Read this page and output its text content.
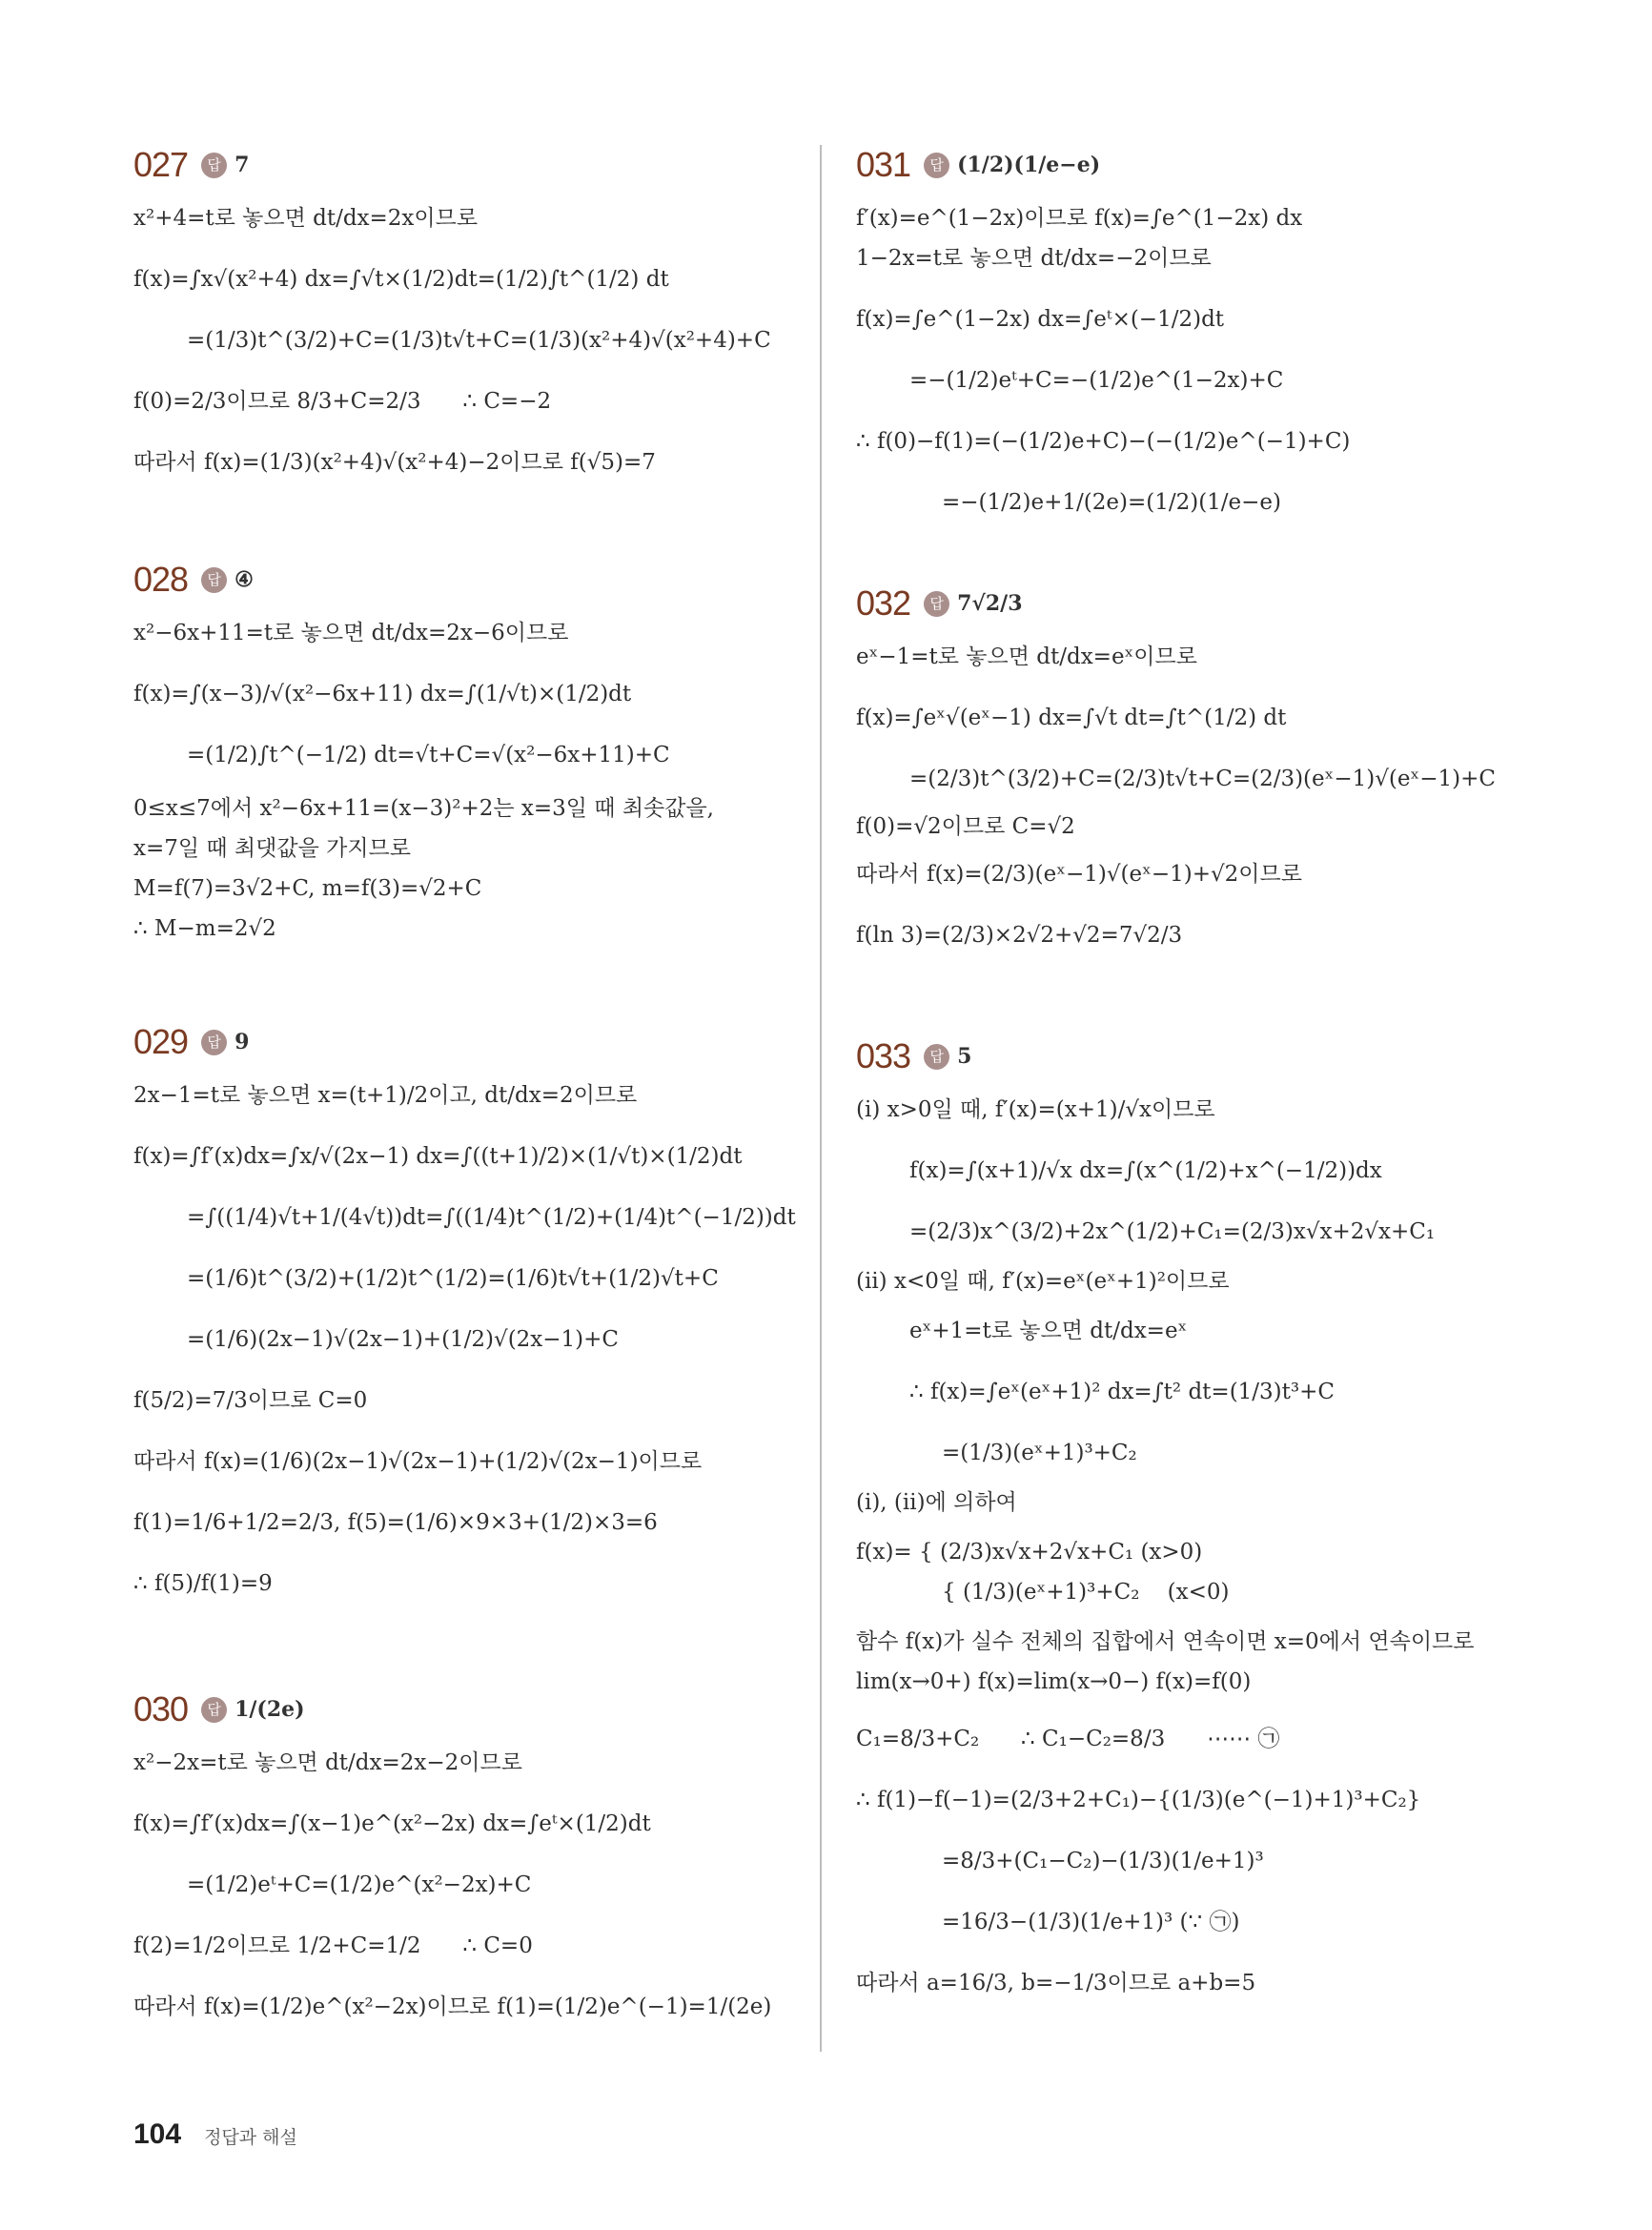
027	답 7
x²+4=t로 놓으면 dt/dx=2x이므로
f(x)=∫x√(x²+4) dx=∫√t×(1/2)dt=(1/2)∫t^(1/2) dt
=(1/3)t^(3/2)+C=(1/3)t√t+C=(1/3)(x²+4)√(x²+4)+C
f(0)=2/3이므로 8/3+C=2/3      ∴ C=−2
따라서 f(x)=(1/3)(x²+4)√(x²+4)−2이므로 f(√5)=7
028	답 ④
x²−6x+11=t로 놓으면 dt/dx=2x−6이므로
f(x)=∫(x−3)/√(x²−6x+11) dx=∫(1/√t)×(1/2)dt
=(1/2)∫t^(−1/2) dt=√t+C=√(x²−6x+11)+C
0≤x≤7에서 x²−6x+11=(x−3)²+2는 x=3일 때 최솟값을,
x=7일 때 최댓값을 가지므로
M=f(7)=3√2+C, m=f(3)=√2+C
∴ M−m=2√2
029	답 9
2x−1=t로 놓으면 x=(t+1)/2이고, dt/dx=2이므로
f(x)=∫f′(x)dx=∫x/√(2x−1) dx=∫((t+1)/2)×(1/√t)×(1/2)dt
=∫((1/4)√t+1/(4√t))dt=∫((1/4)t^(1/2)+(1/4)t^(−1/2))dt
=(1/6)t^(3/2)+(1/2)t^(1/2)=(1/6)t√t+(1/2)√t+C
=(1/6)(2x−1)√(2x−1)+(1/2)√(2x−1)+C
f(5/2)=7/3이므로 C=0
따라서 f(x)=(1/6)(2x−1)√(2x−1)+(1/2)√(2x−1)이므로
f(1)=1/6+1/2=2/3, f(5)=(1/6)×9×3+(1/2)×3=6
∴ f(5)/f(1)=9
030	답 1/(2e)
x²−2x=t로 놓으면 dt/dx=2x−2이므로
f(x)=∫f′(x)dx=∫(x−1)e^(x²−2x) dx=∫eᵗ×(1/2)dt
=(1/2)eᵗ+C=(1/2)e^(x²−2x)+C
f(2)=1/2이므로 1/2+C=1/2      ∴ C=0
따라서 f(x)=(1/2)e^(x²−2x)이므로 f(1)=(1/2)e^(−1)=1/(2e)
031	답 (1/2)(1/e−e)
f′(x)=e^(1−2x)이므로 f(x)=∫e^(1−2x) dx
1−2x=t로 놓으면 dt/dx=−2이므로
f(x)=∫e^(1−2x) dx=∫eᵗ×(−1/2)dt
=−(1/2)eᵗ+C=−(1/2)e^(1−2x)+C
∴ f(0)−f(1)=(−(1/2)e+C)−(−(1/2)e^(−1)+C)
=−(1/2)e+1/(2e)=(1/2)(1/e−e)
032	답 7√2/3
eˣ−1=t로 놓으면 dt/dx=eˣ이므로
f(x)=∫eˣ√(eˣ−1) dx=∫√t dt=∫t^(1/2) dt
=(2/3)t^(3/2)+C=(2/3)t√t+C=(2/3)(eˣ−1)√(eˣ−1)+C
f(0)=√2이므로 C=√2
따라서 f(x)=(2/3)(eˣ−1)√(eˣ−1)+√2이므로
f(ln 3)=(2/3)×2√2+√2=7√2/3
033	답 5
(ⅰ) x>0일 때, f′(x)=(x+1)/√x이므로
f(x)=∫(x+1)/√x dx=∫(x^(1/2)+x^(−1/2))dx
=(2/3)x^(3/2)+2x^(1/2)+C₁=(2/3)x√x+2√x+C₁
(ⅱ) x<0일 때, f′(x)=eˣ(eˣ+1)²이므로
eˣ+1=t로 놓으면 dt/dx=eˣ
∴ f(x)=∫eˣ(eˣ+1)² dx=∫t² dt=(1/3)t³+C
=(1/3)(eˣ+1)³+C₂
(ⅰ), (ⅱ)에 의하여
f(x)= { (2/3)x√x+2√x+C₁ (x>0)
{ (1/3)(eˣ+1)³+C₂    (x<0)
함수 f(x)가 실수 전체의 집합에서 연속이면 x=0에서 연속이므로
lim(x→0+) f(x)=lim(x→0−) f(x)=f(0)
C₁=8/3+C₂      ∴ C₁−C₂=8/3      ⋯⋯ ㉠
∴ f(1)−f(−1)=(2/3+2+C₁)−{(1/3)(e^(−1)+1)³+C₂}
=8/3+(C₁−C₂)−(1/3)(1/e+1)³
=16/3−(1/3)(1/e+1)³ (∵ ㉠)
따라서 a=16/3, b=−1/3이므로 a+b=5
104 정답과 해설
